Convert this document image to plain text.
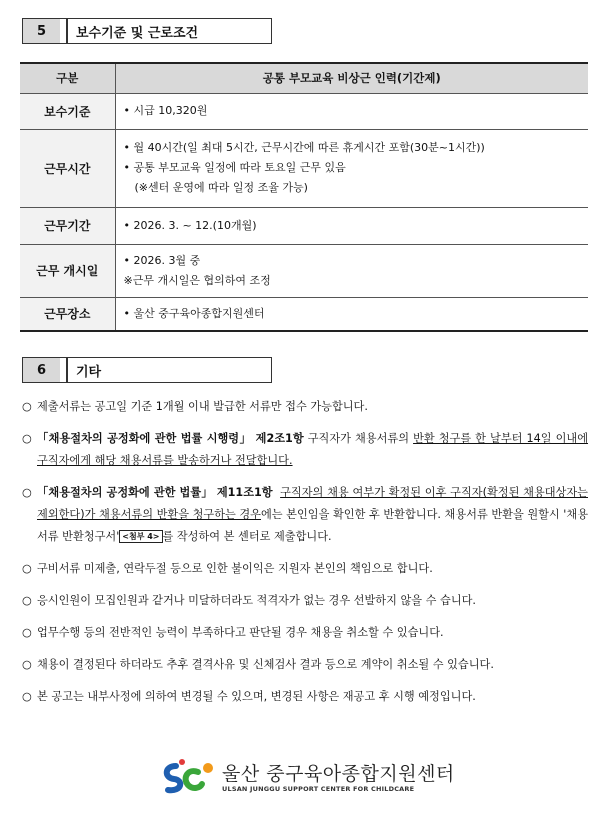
5	보수기준 및 근로조건
구분	공통 부모교육 비상근 인력(기간제)
보수기준	• 시급 10,320원

근무시간	• 월 40시간(일 최대 5시간, 근무시간에 따른 휴게시간 포함(30분~1시간))
• 공통 부모교육 일정에 따라 토요일 근무 있음
(※센터 운영에 따라 일정 조율 가능)

근무기간	• 2026. 3. ~ 12.(10개월)

근무 개시일	• 2026. 3월 중
※근무 개시일은 협의하여 조정

근무장소	• 울산 중구육아종합지원센터
6	기타
○ 제출서류는 공고일 기준 1개월 이내 발급한 서류만 접수 가능합니다.
○ 「채용절차의 공정화에 관한 법률 시행령」 제2조1항 구직자가 채용서류의 반환 청구를 한 날부터 14일 이내에 구직자에게 해당 채용서류를 발송하거나 전달합니다.
○ 「채용절차의 공정화에 관한 법률」 제11조1항 구직자의 채용 여부가 확정된 이후 구직자(확정된 채용대상자는 제외한다)가 채용서류의 반환을 청구하는 경우에는 본인임을 확인한 후 반환합니다. 채용서류 반환을 원할시 '채용서류 반환청구서' <첨부 4> 를 작성하여 본 센터로 제출합니다.
○ 구비서류 미제출, 연락두절 등으로 인한 불이익은 지원자 본인의 책임으로 합니다.
○ 응시인원이 모집인원과 같거나 미달하더라도 적격자가 없는 경우 선발하지 않을 수 습니다.
○ 업무수행 등의 전반적인 능력이 부족하다고 판단될 경우 채용을 취소할 수 있습니다.
○ 채용이 결정된다 하더라도 추후 결격사유 및 신체검사 결과 등으로 계약이 취소될 수 있습니다.
○ 본 공고는 내부사정에 의하여 변경될 수 있으며, 변경된 사항은 재공고 후 시행 예정입니다.
울산 중구육아종합지원센터
ULSAN JUNGGU SUPPORT CENTER FOR CHILDCARE
